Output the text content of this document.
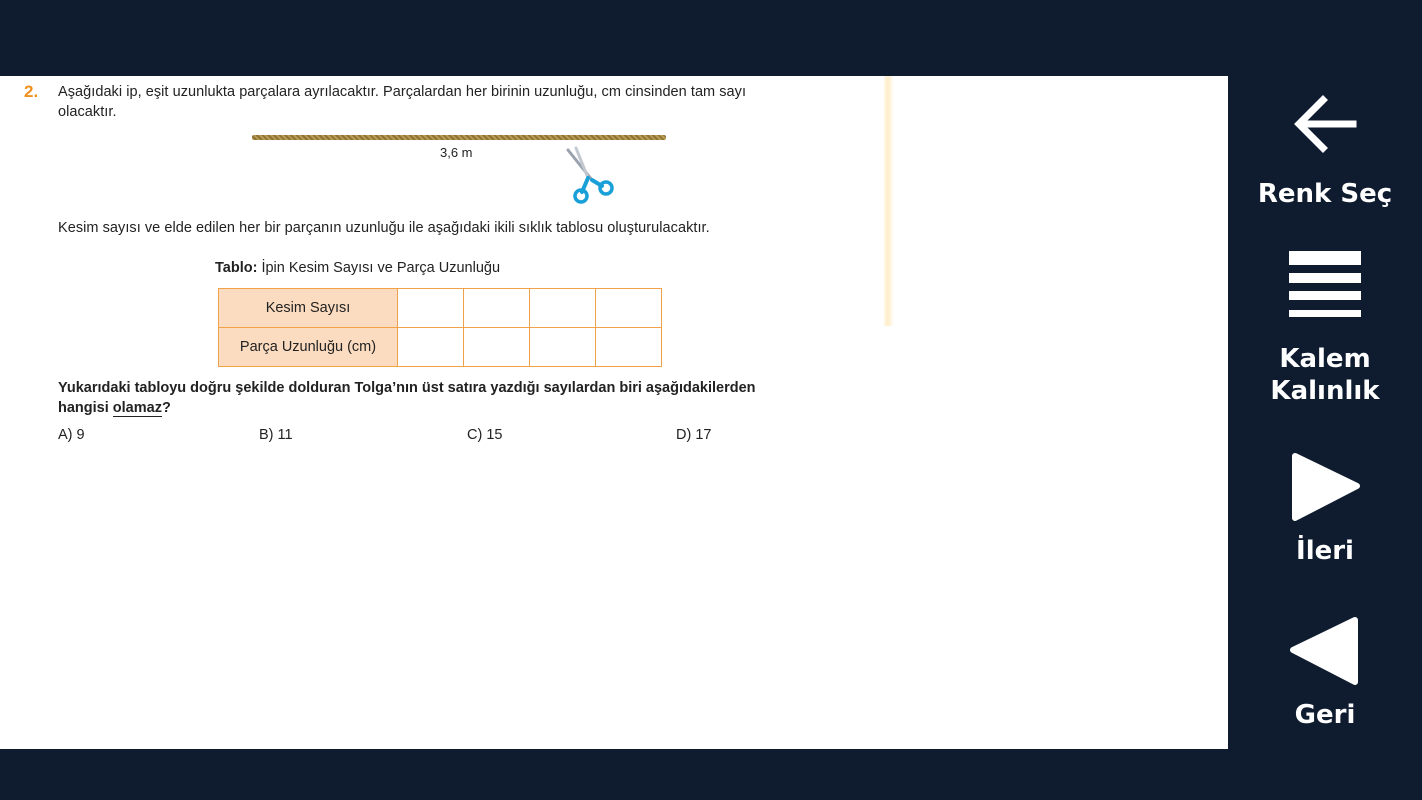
2. Aşağıdaki ip, eşit uzunlukta parçalara ayrılacaktır. Parçalardan her birinin uzunluğu, cm cinsinden tam sayı
olacaktır.
3,6 m
Kesim sayısı ve elde edilen her bir parçanın uzunluğu ile aşağıdaki ikili sıklık tablosu oluşturulacaktır.
Tablo: İpin Kesim Sayısı ve Parça Uzunluğu
Kesim Sayısı				
Parça Uzunluğu (cm)				
Yukarıdaki tabloyu doğru şekilde dolduran Tolga’nın üst satıra yazdığı sayılardan biri aşağıdakilerden
hangisi olamaz?
A) 9	B) 11	C) 15	D) 17
Renk Seç
Kalem
Kalınlık
İleri
Geri
